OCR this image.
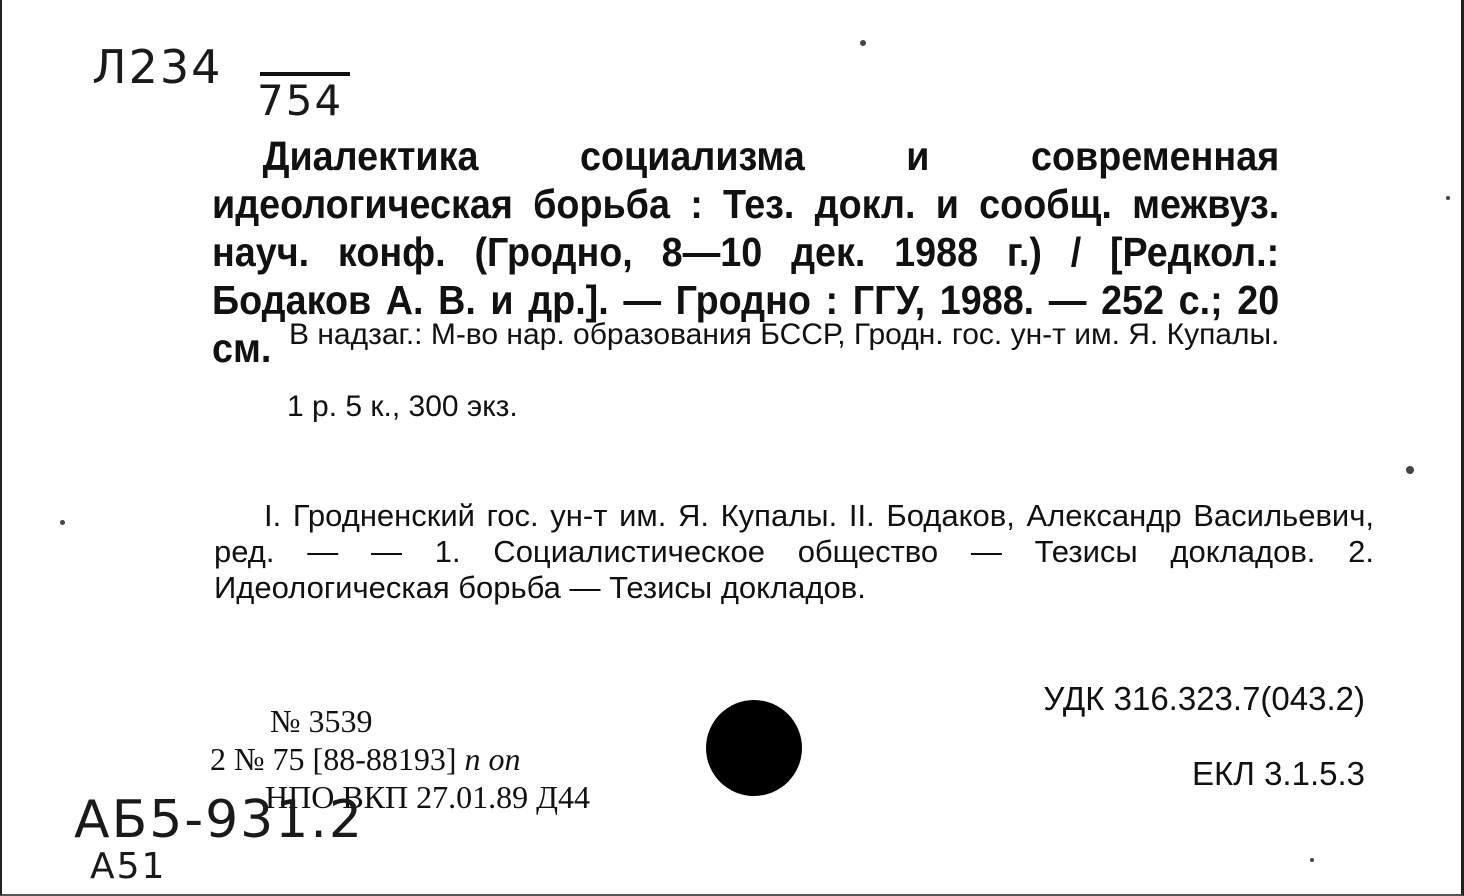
Л234
754
Диалектика социализма и современная идеологическая борьба : Тез. докл. и сообщ. межвуз. науч. конф. (Гродно, 8—10 дек. 1988 г.) / [Редкол.: Бодаков А. В. и др.]. — Гродно : ГГУ, 1988. — 252 с.; 20 см. В надзаг.: М-во нар. образования БССР, Гродн. гос. ун-т им. Я. Купалы.
1 р. 5 к., 300 экз.
I. Гродненский гос. ун-т им. Я. Купалы. II. Бодаков, Александр Васильевич, ред. — — 1. Социалистическое общество — Тезисы докладов. 2. Идеологическая борьба — Тезисы докладов.
УДК 316.323.7(043.2)
ЕКЛ 3.1.5.3
№ 3539
2 № 75 [88-88193] п оп
НПО ВКП 27.01.89 Д44
АБ5-931.2
А51
